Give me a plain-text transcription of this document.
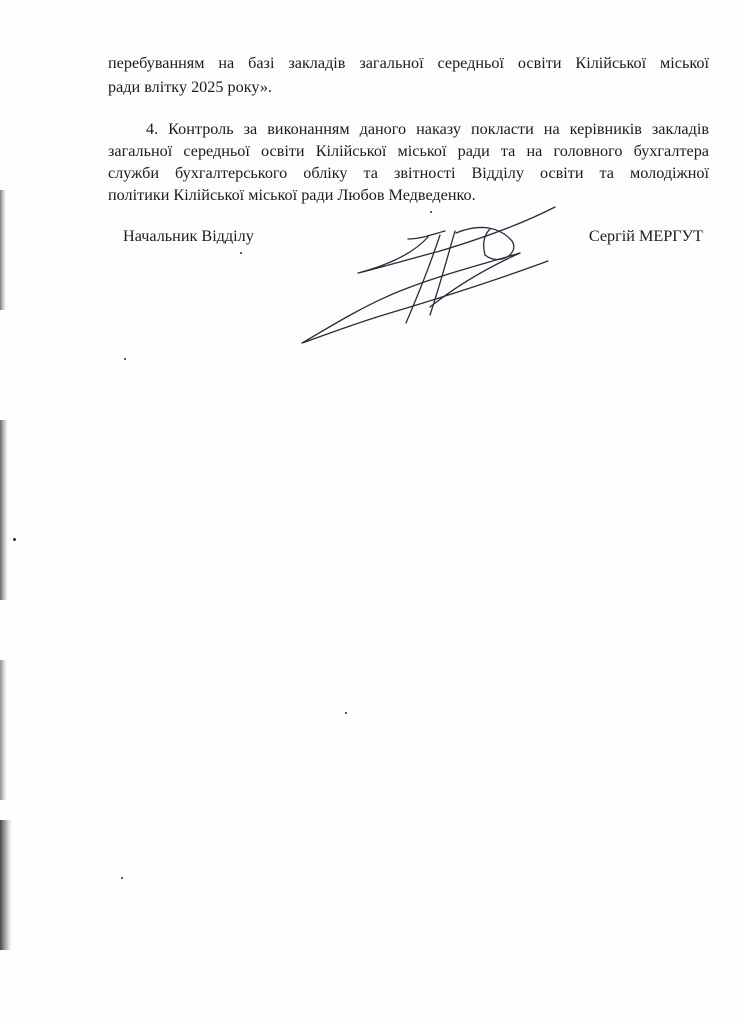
перебуванням на базі закладів загальної середньої освіти Кілійської міської
ради влітку 2025 року».
4. Контроль за виконанням даного наказу покласти на керівників закладів
загальної середньої освіти Кілійської міської ради та на головного бухгалтера
служби бухгалтерського обліку та звітності Відділу освіти та молодіжної
політики Кілійської міської ради Любов Медведенко.
Начальник Відділу	Сергій МЕРГУТ
